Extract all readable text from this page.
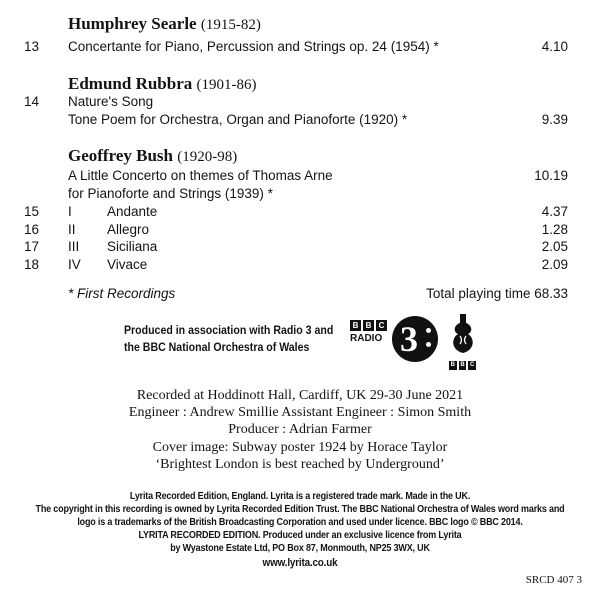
Humphrey Searle (1915-82)
13 Concertante for Piano, Percussion and Strings op. 24 (1954) *	4.10
Edmund Rubbra (1901-86)
14 Nature's Song
Tone Poem for Orchestra, Organ and Pianoforte (1920) *	9.39
Geoffrey Bush (1920-98)
A Little Concerto on themes of Thomas Arne	10.19
for Pianoforte and Strings (1939) *
15 I	Andante	4.37
16 II Allegro	1.28
17 III Siciliana	2.05
18 IV Vivace	2.09
* First Recordings	Total playing time 68.33
Produced in association with Radio 3 and
the BBC National Orchestra of Wales
B B C
RADIO 3
B B C
Recorded at Hoddinott Hall, Cardiff, UK 29-30 June 2021
Engineer : Andrew Smillie Assistant Engineer : Simon Smith
Producer : Adrian Farmer
Cover image: Subway poster 1924 by Horace Taylor
‘Brightest London is best reached by Underground’
Lyrita Recorded Edition, England. Lyrita is a registered trade mark. Made in the UK.
The copyright in this recording is owned by Lyrita Recorded Edition Trust. The BBC National Orchestra of Wales word marks and
logo is a trademarks of the British Broadcasting Corporation and used under licence. BBC logo © BBC 2014.
LYRITA RECORDED EDITION. Produced under an exclusive licence from Lyrita
by Wyastone Estate Ltd, PO Box 87, Monmouth, NP25 3WX, UK
www.lyrita.co.uk
SRCD 407 3
